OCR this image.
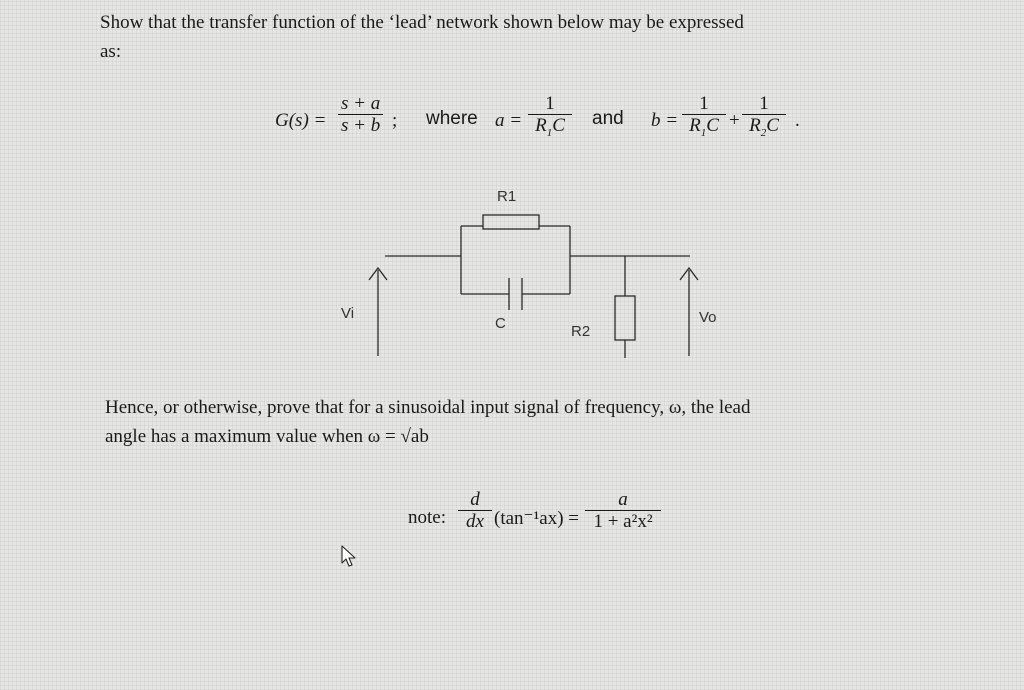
Show that the transfer function of the ‘lead’ network shown below may be expressed
as:
$G(s) = \frac{s + a}{s + b}$ ; where $a = \frac{1}{R_1C}$ and $b = \frac{1}{R_1C} + \frac{1}{R_2C}$ .
R1
C	R2
Vi	Vo
Hence, or otherwise, prove that for a sinusoidal input signal of frequency, ω, the lead
angle has a maximum value when ω = √ab
note: $\frac{d}{dx} (\tan^{-1}ax) = \frac{a}{\text{1 + a²x²}}$
